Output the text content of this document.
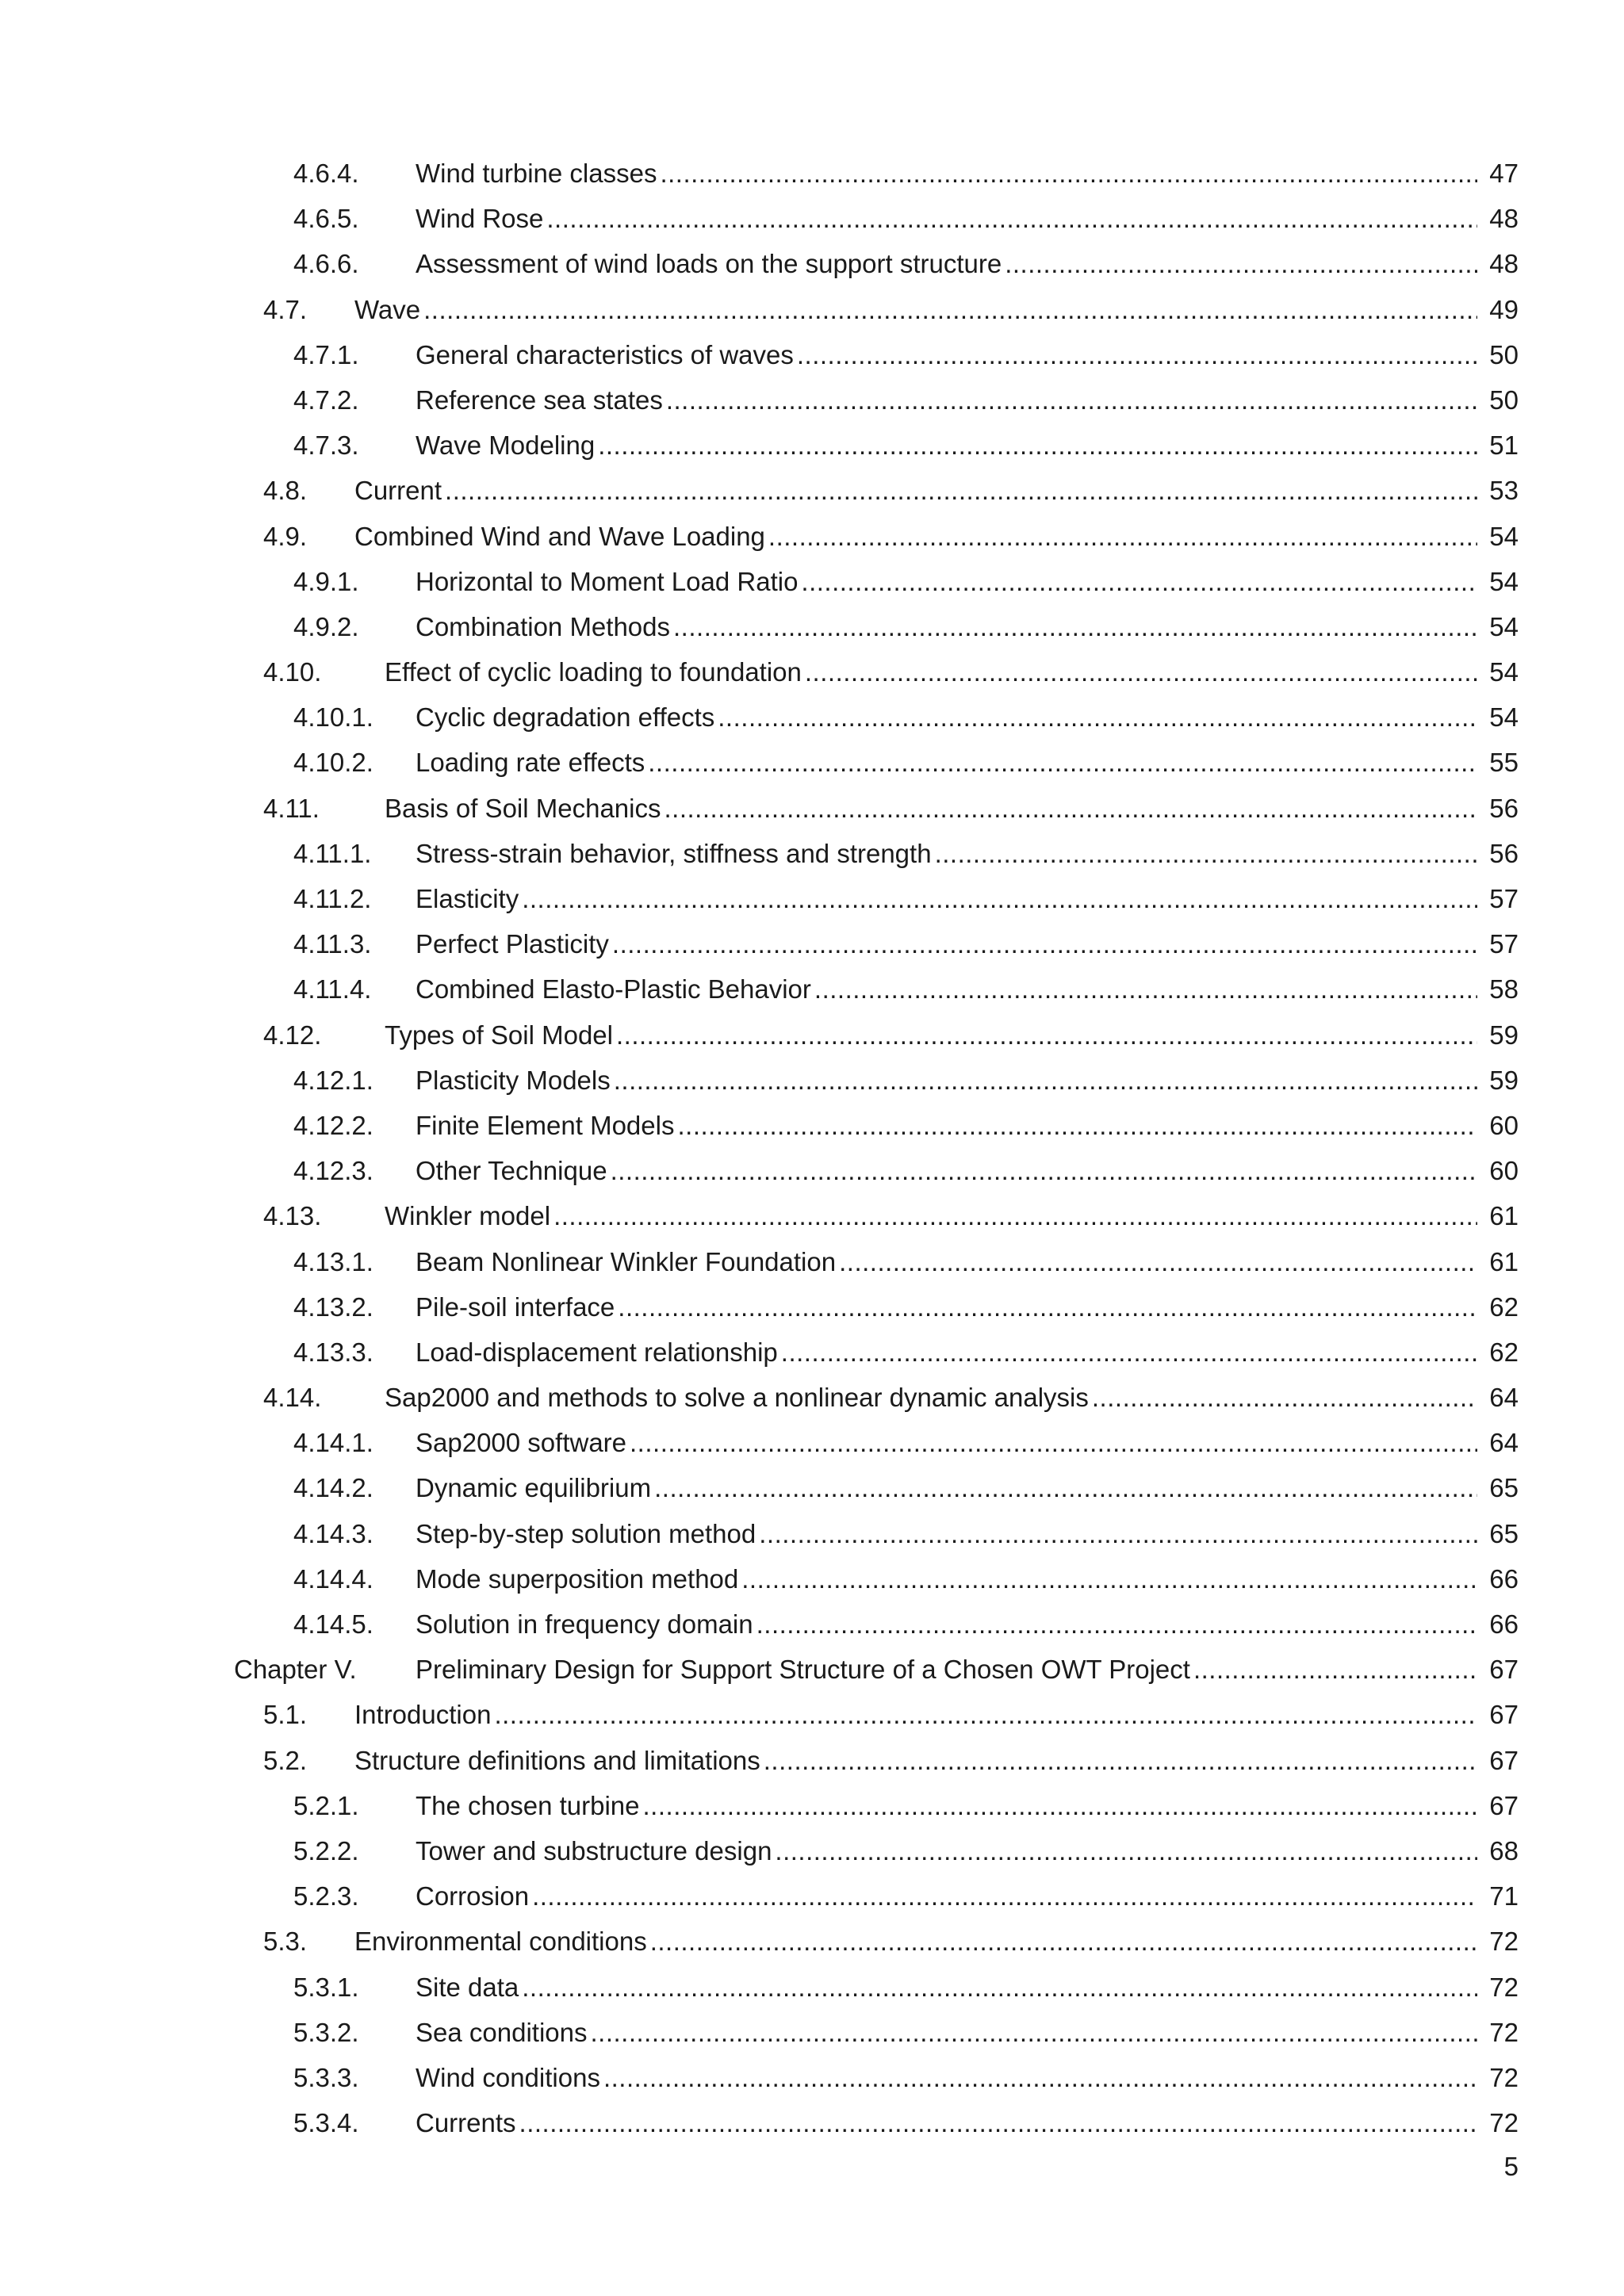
4.6.4. Wind turbine classes .....	47
4.6.5. Wind Rose .....	48
4.6.6. Assessment of wind loads on the support structure .....	48
4.7. Wave .....	49
4.7.1. General characteristics of waves .....	50
4.7.2. Reference sea states .....	50
4.7.3. Wave Modeling .....	51
4.8. Current .....	53
4.9. Combined Wind and Wave Loading .....	54
4.9.1. Horizontal to Moment Load Ratio .....	54
4.9.2. Combination Methods .....	54
4.10. Effect of cyclic loading to foundation .....	54
4.10.1. Cyclic degradation effects .....	54
4.10.2. Loading rate effects .....	55
4.11. Basis of Soil Mechanics .....	56
4.11.1. Stress-strain behavior, stiffness and strength .....	56
4.11.2. Elasticity .....	57
4.11.3. Perfect Plasticity .....	57
4.11.4. Combined Elasto-Plastic Behavior .....	58
4.12. Types of Soil Model .....	59
4.12.1. Plasticity Models .....	59
4.12.2. Finite Element Models .....	60
4.12.3. Other Technique .....	60
4.13. Winkler model .....	61
4.13.1. Beam Nonlinear Winkler Foundation .....	61
4.13.2. Pile-soil interface .....	62
4.13.3. Load-displacement relationship .....	62
4.14. Sap2000 and methods to solve a nonlinear dynamic analysis .....	64
4.14.1. Sap2000 software .....	64
4.14.2. Dynamic equilibrium .....	65
4.14.3. Step-by-step solution method .....	65
4.14.4. Mode superposition method .....	66
4.14.5. Solution in frequency domain .....	66
Chapter V. Preliminary Design for Support Structure of a Chosen OWT Project .....	67
5.1. Introduction .....	67
5.2. Structure definitions and limitations .....	67
5.2.1. The chosen turbine .....	67
5.2.2. Tower and substructure design .....	68
5.2.3. Corrosion .....	71
5.3. Environmental conditions .....	72
5.3.1. Site data .....	72
5.3.2. Sea conditions .....	72
5.3.3. Wind conditions .....	72
5.3.4. Currents .....	72
5
